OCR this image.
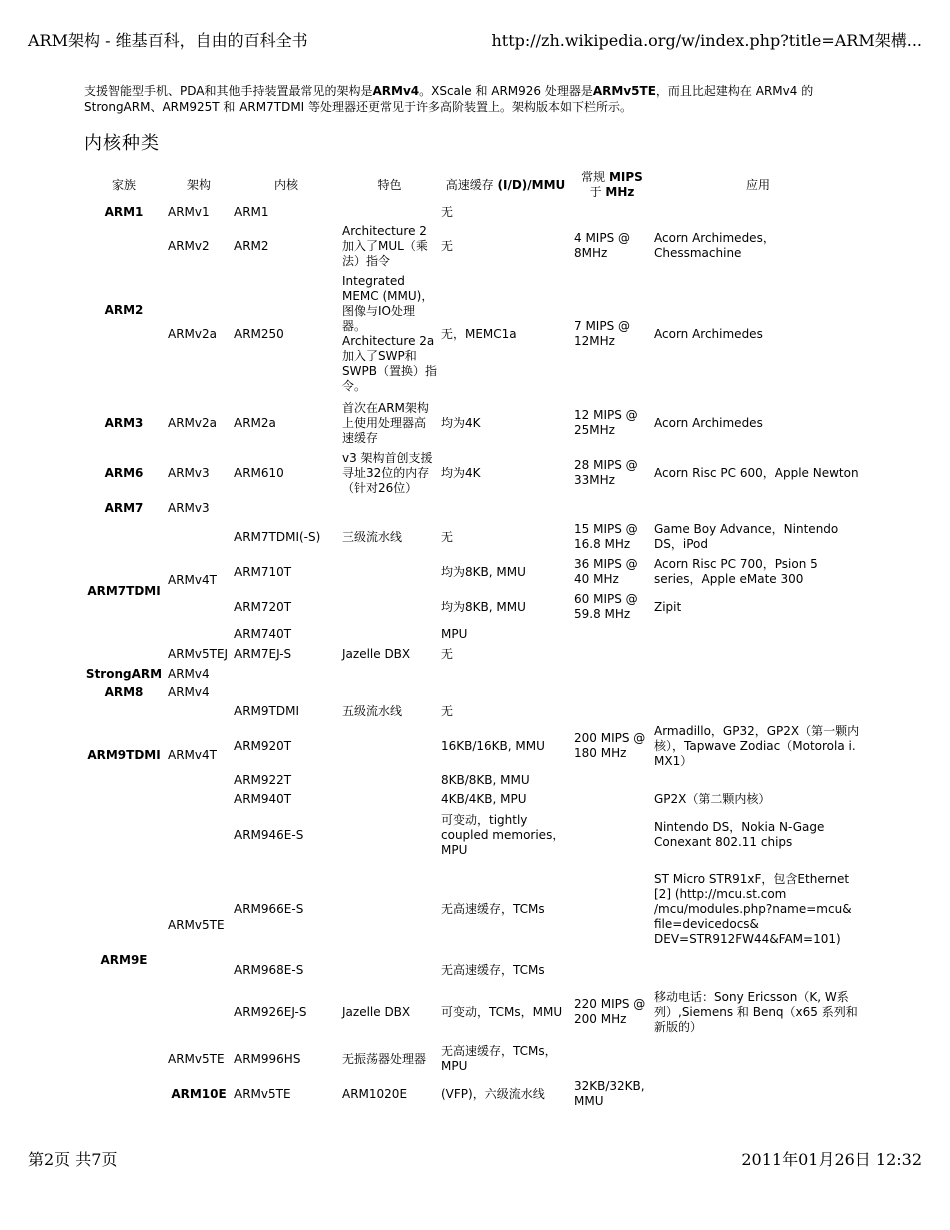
ARM架构 - 维基百科，自由的百科全书	http://zh.wikipedia.org/w/index.php?title=ARM架構...
支援智能型手机、PDA和其他手持装置最常见的架构是ARMv4。XScale 和 ARM926 处理器是ARMv5TE，而且比起建构在 ARMv4 的 StrongARM、ARM925T 和 ARM7TDMI 等处理器还更常见于许多高阶装置上。架构版本如下栏所示。
内核种类
家族	架构	内核	特色	高速缓存 (I/D)/MMU	常规 MIPS
于 MHz	应用	
ARM1	ARMv1	ARM1		无			
ARM2	ARMv2	ARM2	Architecture 2 加入了MUL（乘法）指令	无	4 MIPS @ 8MHz	Acorn Archimedes，Chessmachine	
	ARMv2a	ARM250	Integrated MEMC (MMU)，图像与IO处理器。Architecture 2a 加入了SWP和SWPB（置换）指令。	无，MEMC1a	7 MIPS @ 12MHz	Acorn Archimedes	
ARM3	ARMv2a	ARM2a	首次在ARM架构上使用处理器高速缓存	均为4K	12 MIPS @ 25MHz	Acorn Archimedes	
ARM6	ARMv3	ARM610	v3 架构首创支援寻址32位的内存（针对26位）	均为4K	28 MIPS @ 33MHz	Acorn Risc PC 600，Apple Newton	
ARM7	ARMv3						
ARM7TDMI	ARMv4T	ARM7TDMI(-S)	三级流水线	无	15 MIPS @ 16.8 MHz	Game Boy Advance，Nintendo DS，iPod	
		ARM710T		均为8KB, MMU	36 MIPS @ 40 MHz	Acorn Risc PC 700，Psion 5 series，Apple eMate 300	
		ARM720T		均为8KB, MMU	60 MIPS @ 59.8 MHz	Zipit	
		ARM740T		MPU			
	ARMv5TEJ	ARM7EJ-S	Jazelle DBX	无			
StrongARM	ARMv4						
ARM8	ARMv4						
ARM9TDMI	ARMv4T	ARM9TDMI	五级流水线	无			
		ARM920T		16KB/16KB, MMU	200 MIPS @ 180 MHz	Armadillo，GP32，GP2X（第一颗内核），Tapwave Zodiac（Motorola i. MX1）	
		ARM922T		8KB/8KB, MMU			
		ARM940T		4KB/4KB, MPU		GP2X（第二颗内核）	
ARM9E	ARMv5TE	ARM946E-S		可变动，tightly coupled memories，MPU		Nintendo DS，Nokia N-Gage Conexant 802.11 chips	
		ARM966E-S		无高速缓存，TCMs		ST Micro STR91xF，包含Ethernet [2] (http://mcu.st.com /mcu/modules.php?name=mcu& file=devicedocs& DEV=STR912FW44&FAM=101)	
		ARM968E-S		无高速缓存，TCMs			
		ARM926EJ-S	Jazelle DBX	可变动，TCMs，MMU	220 MIPS @ 200 MHz	移动电话：Sony Ericsson（K, W系列）,Siemens 和 Benq（x65 系列和新版的）	
	ARMv5TE	ARM996HS	无振荡器处理器	无高速缓存，TCMs，MPU			
	ARM10E	ARMv5TE	ARM1020E	(VFP)，六级流水线	32KB/32KB, MMU		
第2页 共7页	2011年01月26日 12:32
